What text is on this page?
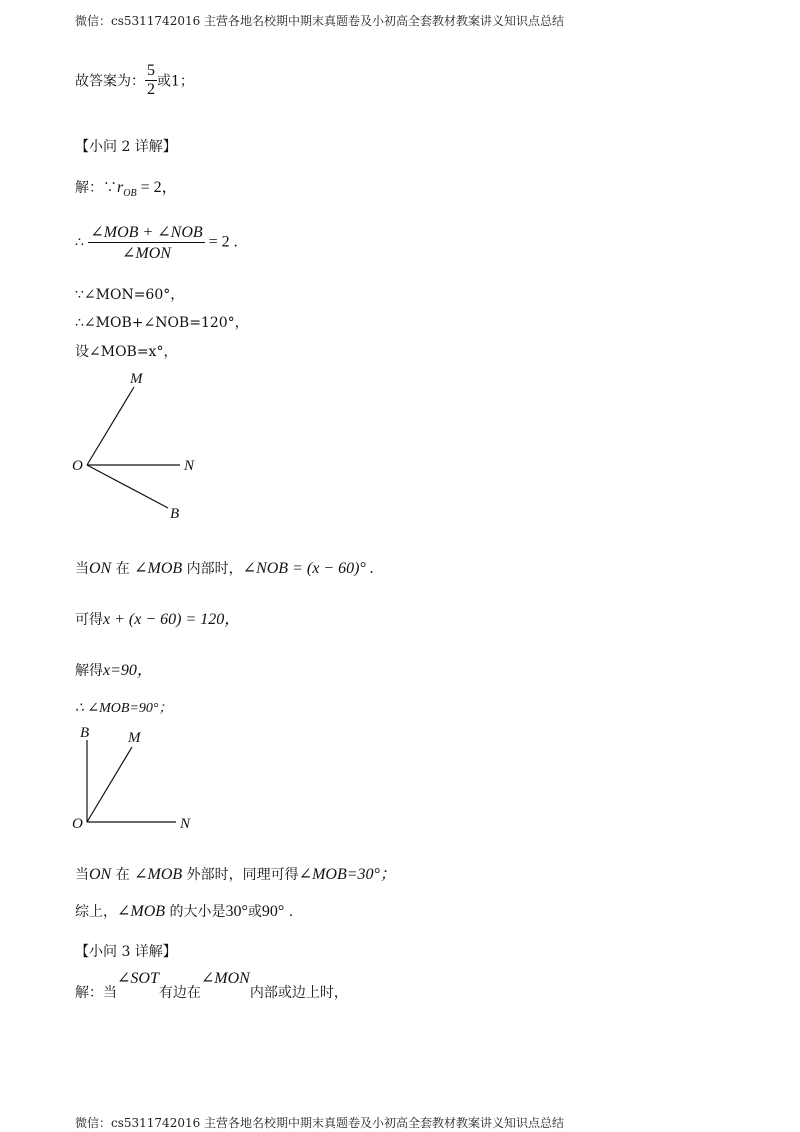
微信：cs5311742016 主营各地名校期中期末真题卷及小初高全套教材教案讲义知识点总结
故答案为： $\frac{5}{2}$ 或1；
【小问 2 详解】
解：$\because r_{OB} = 2$，
∴ $\frac{\text{∠MOB + ∠NOB}}{\text{∠MON}} = 2$ .
∵∠MON=60°，
∴∠MOB+∠NOB=120°，
设∠MOB=x°，
M
O	N
B
当ON 在 ∠MOB 内部时，∠NOB = (x − 60)° .
可得x + (x − 60) = 120，
解得x=90，
∴ ∠MOB=90°；
B	M
O	N
当ON 在 ∠MOB 外部时，同理可得∠MOB=30°；
综上，∠MOB 的大小是30°或90° .
【小问 3 详解】
解：当∠SOT有边在∠MON内部或边上时，
微信：cs5311742016 主营各地名校期中期末真题卷及小初高全套教材教案讲义知识点总结
